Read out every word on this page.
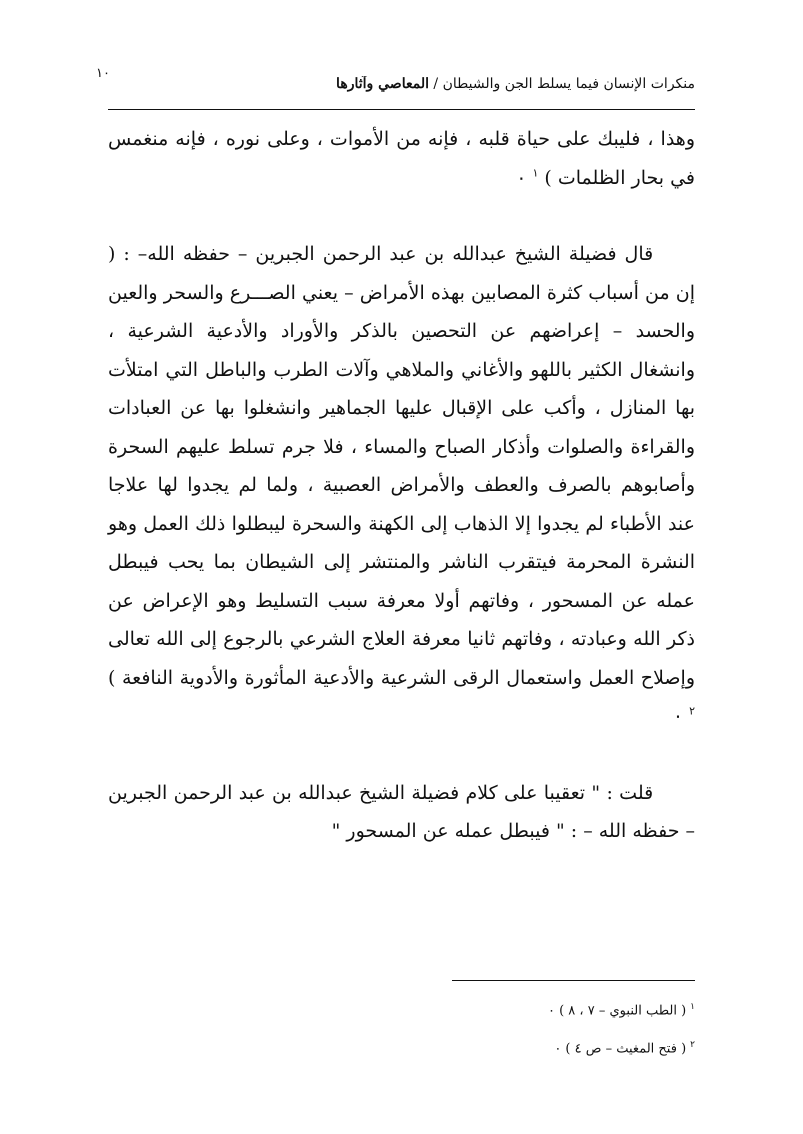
١٠
منكرات الإنسان فيما يسلط الجن والشيطان / المعاصي وآثارها

وهذا ، فليبك على حياة قلبه ، فإنه من الأموات ، وعلى نوره ، فإنه منغمس في بحار الظلمات ) $^١$ ٠

قال فضيلة الشيخ عبدالله بن عبد الرحمن الجبرين – حفظه الله– : ( إن من أسباب كثرة المصابين بهذه الأمراض – يعني الصـــرع والسحر والعين والحسد – إعراضهم عن التحصين بالذكر والأوراد والأدعية الشرعية ، وانشغال الكثير باللهو والأغاني والملاهي وآلات الطرب والباطل التي امتلأت بها المنازل ، وأكب على الإقبال عليها الجماهير وانشغلوا بها عن العبادات والقراءة والصلوات وأذكار الصباح والمساء ، فلا جرم تسلط عليهم السحرة وأصابوهم بالصرف والعطف والأمراض العصبية ، ولما لم يجدوا لها علاجا عند الأطباء لم يجدوا إلا الذهاب إلى الكهنة والسحرة ليبطلوا ذلك العمل وهو النشرة المحرمة فيتقرب الناشر والمنتشر إلى الشيطان بما يحب فيبطل عمله عن المسحور ، وفاتهم أولا معرفة سبب التسليط وهو الإعراض عن ذكر الله وعبادته ، وفاتهم ثانيا معرفة العلاج الشرعي بالرجوع إلى الله تعالى وإصلاح العمل واستعمال الرقى الشرعية والأدعية المأثورة والأدوية النافعة ) $^٢$ ٠

قلت : " تعقيبا على كلام فضيلة الشيخ عبدالله بن عبد الرحمن الجبرين – حفظه الله – : " فيبطل عمله عن المسحور "

$^١$( الطب النبوي – ٧ ، ٨ ) ٠
$^٢$( فتح المغيث – ص ٤ ) ٠
